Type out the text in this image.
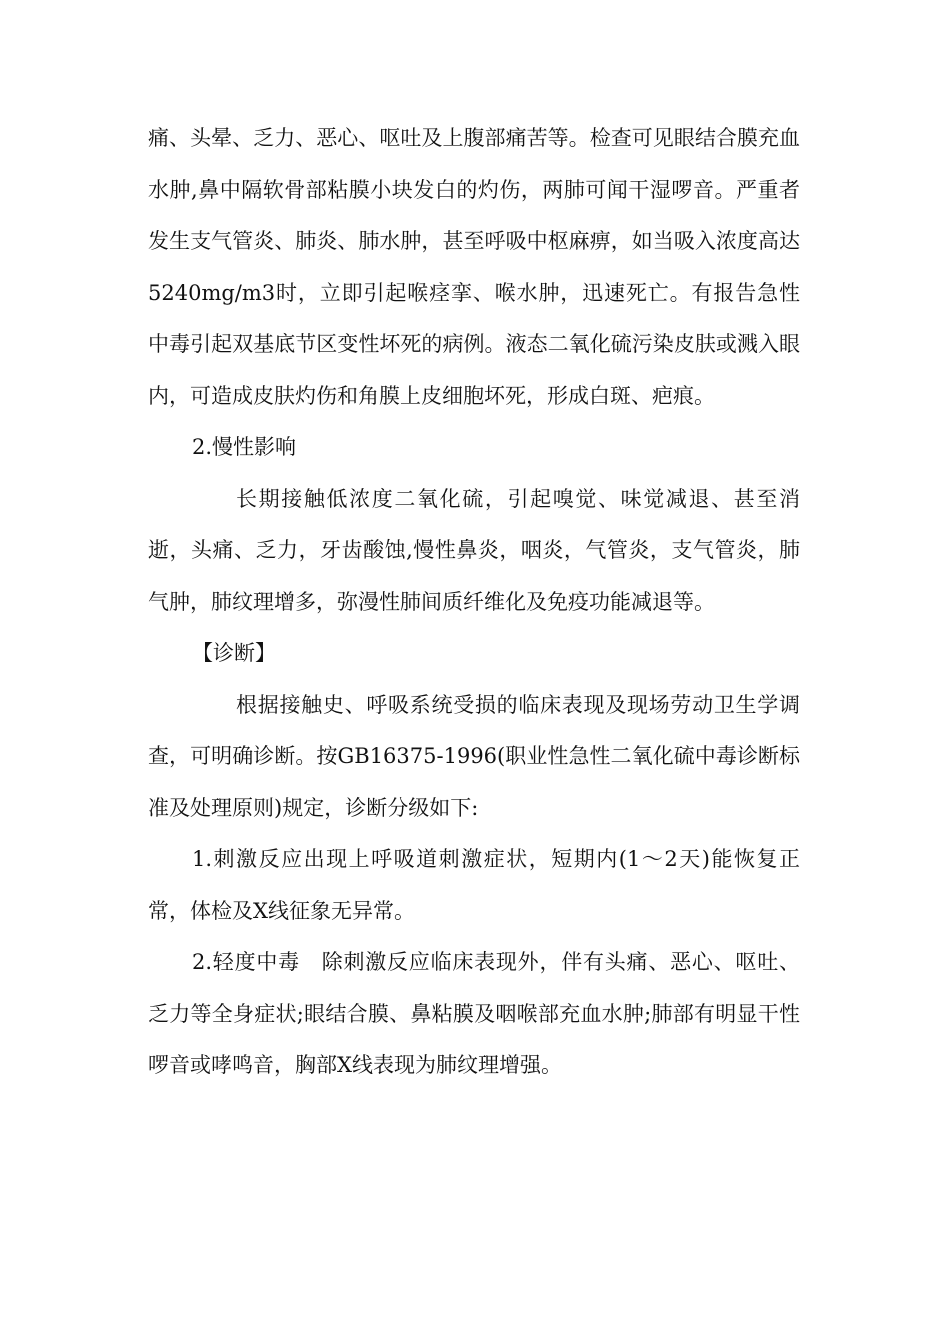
痛、头晕、乏力、恶心、呕吐及上腹部痛苦等。检查可见眼结合膜充血水肿,鼻中隔软骨部粘膜小块发白的灼伤，两肺可闻干湿啰音。严重者发生支气管炎、肺炎、肺水肿，甚至呼吸中枢麻痹，如当吸入浓度高达5240mg/m3时，立即引起喉痉挛、喉水肿，迅速死亡。有报告急性中毒引起双基底节区变性坏死的病例。液态二氧化硫污染皮肤或溅入眼内，可造成皮肤灼伤和角膜上皮细胞坏死，形成白斑、疤痕。

2.慢性影响

长期接触低浓度二氧化硫，引起嗅觉、味觉减退、甚至消逝，头痛、乏力，牙齿酸蚀,慢性鼻炎，咽炎，气管炎，支气管炎，肺气肿，肺纹理增多，弥漫性肺间质纤维化及免疫功能减退等。

【诊断】

根据接触史、呼吸系统受损的临床表现及现场劳动卫生学调查，可明确诊断。按GB16375-1996(职业性急性二氧化硫中毒诊断标准及处理原则)规定，诊断分级如下:

1.刺激反应出现上呼吸道刺激症状，短期内(1～2天)能恢复正常，体检及X线征象无异常。

2.轻度中毒　除刺激反应临床表现外，伴有头痛、恶心、呕吐、乏力等全身症状;眼结合膜、鼻粘膜及咽喉部充血水肿;肺部有明显干性啰音或哮鸣音，胸部X线表现为肺纹理增强。
